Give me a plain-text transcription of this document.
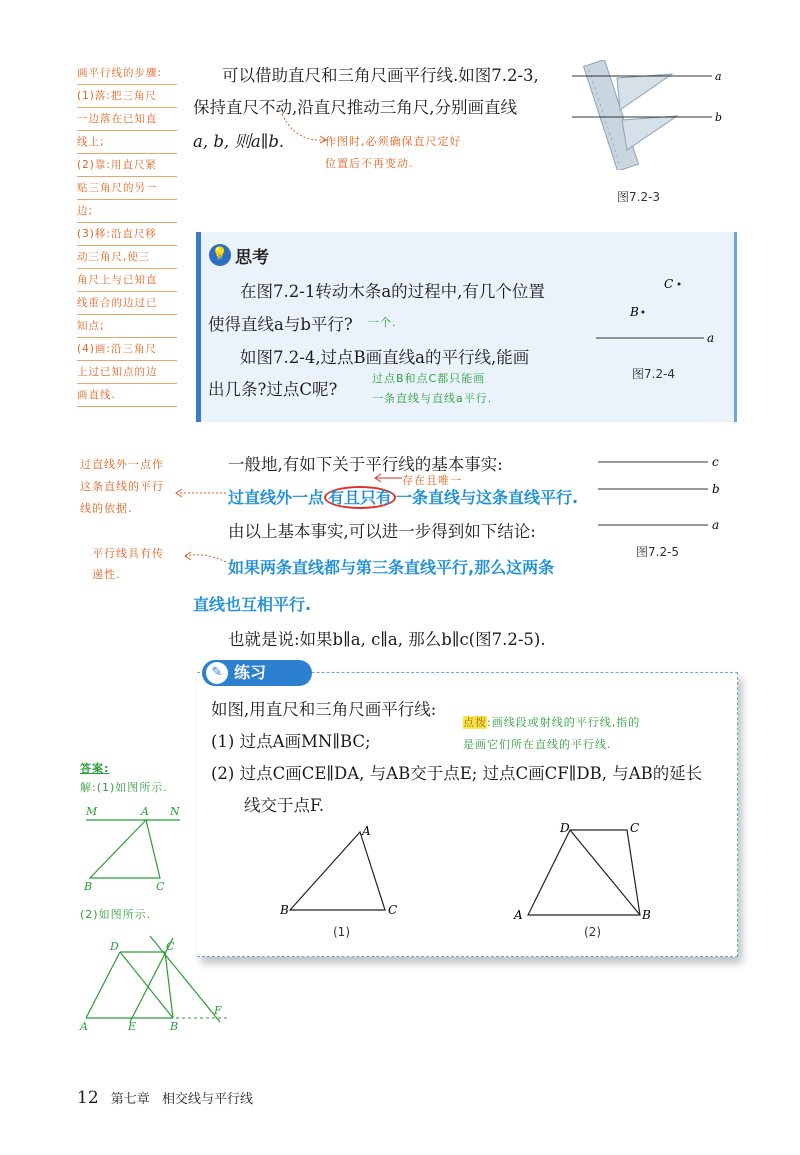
画平行线的步骤:
(1)落:把三角尺
一边落在已知直
线上;
(2)靠:用直尺紧
贴三角尺的另一
边;
(3)移:沿直尺移
动三角尺,使三
角尺上与已知直
线重合的边过已
知点;
(4)画:沿三角尺
上过已知点的边
画直线.
可以借助直尺和三角尺画平行线.如图7.2-3,
保持直尺不动,沿直尺推动三角尺,分别画直线
a, b, 则a∥b.	作图时,必须确保直尺定好
位置后不再变动.
a
b
图7.2-3
💡 思考
在图7.2-1转动木条a的过程中,有几个位置
使得直线a与b平行? 一个.
如图7.2-4,过点B画直线a的平行线,能画
出几条?过点C呢?
过点B和点C都只能画
一条直线与直线a平行.
C
B
a
图7.2-4
一般地,有如下关于平行线的基本事实:
过直线外一点 有且只有 一条直线与这条直线平行.
存在且唯一
过直线外一点作
这条直线的平行
线的依据.
由以上基本事实,可以进一步得到如下结论:
如果两条直线都与第三条直线平行,那么这两条
直线也互相平行.
平行线具有传
递性.
也就是说:如果b∥a, c∥a, 那么b∥c(图7.2-5).
c
b
a
图7.2-5
✎ 练习
如图,用直尺和三角尺画平行线:
点拨:画线段或射线的平行线,指的
是画它们所在直线的平行线.
(1) 过点A画MN∥BC;
(2) 过点C画CE∥DA, 与AB交于点E; 过点C画CF∥DB, 与AB的延长
线交于点F.
A
B	C
(1)
D	C
A	B
(2)
答案:
解:(1)如图所示.
M	A N
B	C
(2)如图所示.
D	C
A	E	B
F
12 第七章 相交线与平行线
